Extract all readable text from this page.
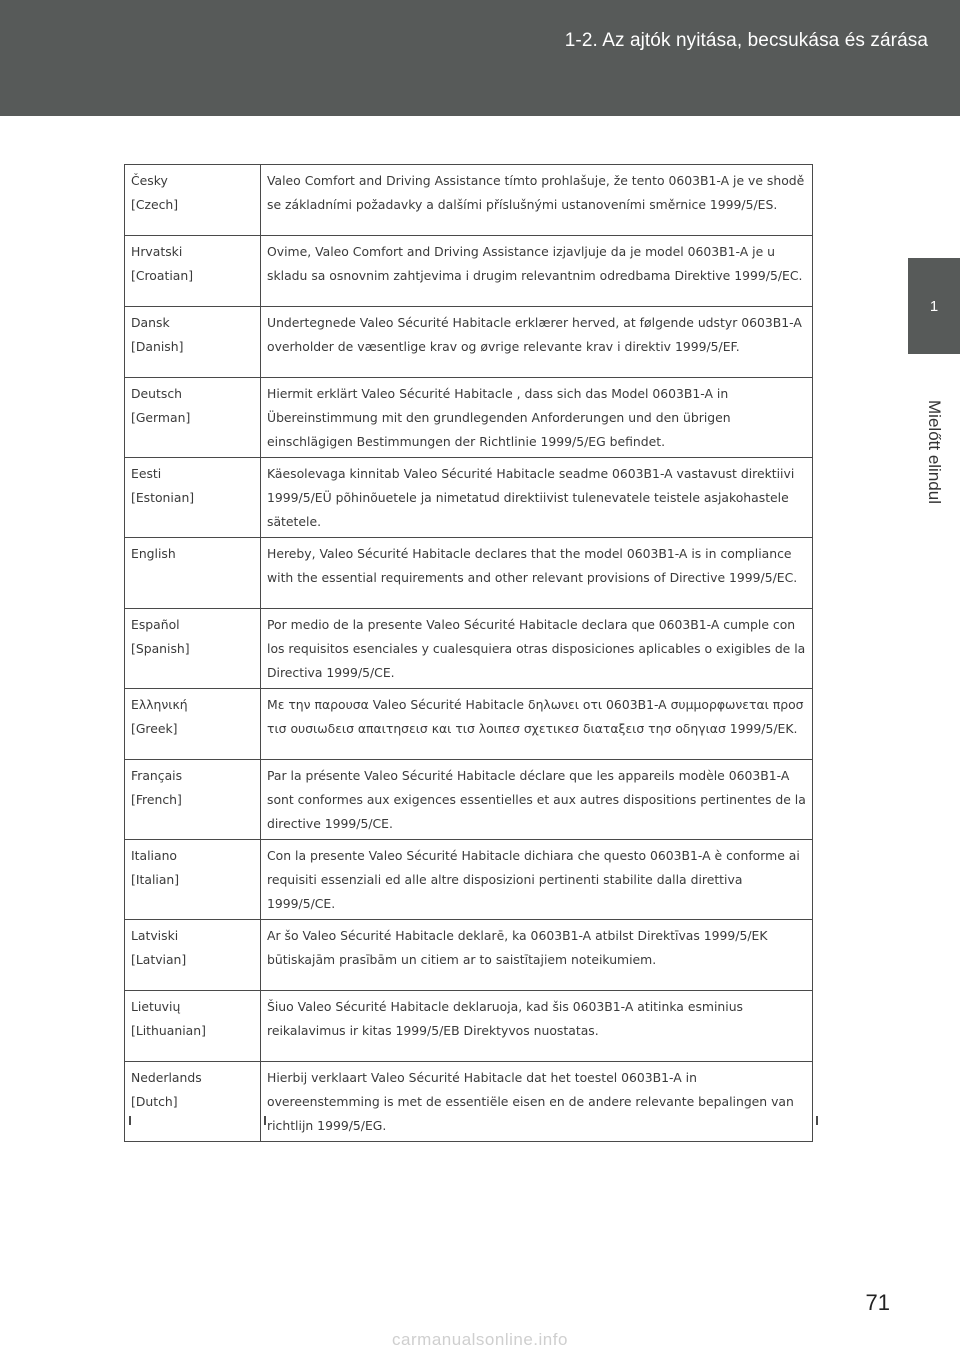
1-2. Az ajtók nyitása, becsukása és zárása
1
Mielőtt elindul
Česky
[Czech]	Valeo Comfort and Driving Assistance tímto prohlašuje, že tento 0603B1-A je ve shodě se základními požadavky a dalšími příslušnými ustanoveními směrnice 1999/5/ES.

Hrvatski
[Croatian]	Ovime, Valeo Comfort and Driving Assistance izjavljuje da je model 0603B1-A je u skladu sa osnovnim zahtjevima i drugim relevantnim odredbama Direktive 1999/5/EC.

Dansk
[Danish]	Undertegnede Valeo Sécurité Habitacle erklærer herved, at følgende udstyr 0603B1-A overholder de væsentlige krav og øvrige relevante krav i direktiv 1999/5/EF.

Deutsch
[German]	Hiermit erklärt Valeo Sécurité Habitacle , dass sich das Model 0603B1-A in Übereinstimmung mit den grundlegenden Anforderungen und den übrigen einschlägigen Bestimmungen der Richtlinie 1999/5/EG befindet.

Eesti
[Estonian]	Käesolevaga kinnitab Valeo Sécurité Habitacle seadme 0603B1-A vastavust direktiivi 1999/5/EÜ põhinõuetele ja nimetatud direktiivist tulenevatele teistele asjakohastele sätetele.

English	Hereby, Valeo Sécurité Habitacle declares that the model 0603B1-A is in compliance with the essential requirements and other relevant provisions of Directive 1999/5/EC.

Español
[Spanish]	Por medio de la presente Valeo Sécurité Habitacle declara que 0603B1-A cumple con los requisitos esenciales y cualesquiera otras disposiciones aplicables o exigibles de la Directiva 1999/5/CE.

Ελληνική
[Greek]	Με την παρουσα Valeo Sécurité Habitacle δηλωνει οτι 0603B1-A συμμορφωνεται προσ τισ ουσιωδεισ απαιτησεισ και τισ λοιπεσ σχετικεσ διαταξεισ τησ οδηγιασ 1999/5/ΕΚ.

Français
[French]	Par la présente Valeo Sécurité Habitacle déclare que les appareils modèle 0603B1-A sont conformes aux exigences essentielles et aux autres dispositions pertinentes de la directive 1999/5/CE.

Italiano
[Italian]	Con la presente Valeo Sécurité Habitacle dichiara che questo 0603B1-A è conforme ai requisiti essenziali ed alle altre disposizioni pertinenti stabilite dalla direttiva 1999/5/CE.

Latviski
[Latvian]	Ar šo Valeo Sécurité Habitacle deklarē, ka 0603B1-A atbilst Direktīvas 1999/5/EK būtiskajām prasībām un citiem ar to saistītajiem noteikumiem.

Lietuvių
[Lithuanian]	Šiuo Valeo Sécurité Habitacle deklaruoja, kad šis 0603B1-A atitinka esminius reikalavimus ir kitas 1999/5/EB Direktyvos nuostatas.

Nederlands
[Dutch]	Hierbij verklaart Valeo Sécurité Habitacle dat het toestel 0603B1-A in overeenstemming is met de essentiële eisen en de andere relevante bepalingen van richtlijn 1999/5/EG.
71
carmanualsonline.info
